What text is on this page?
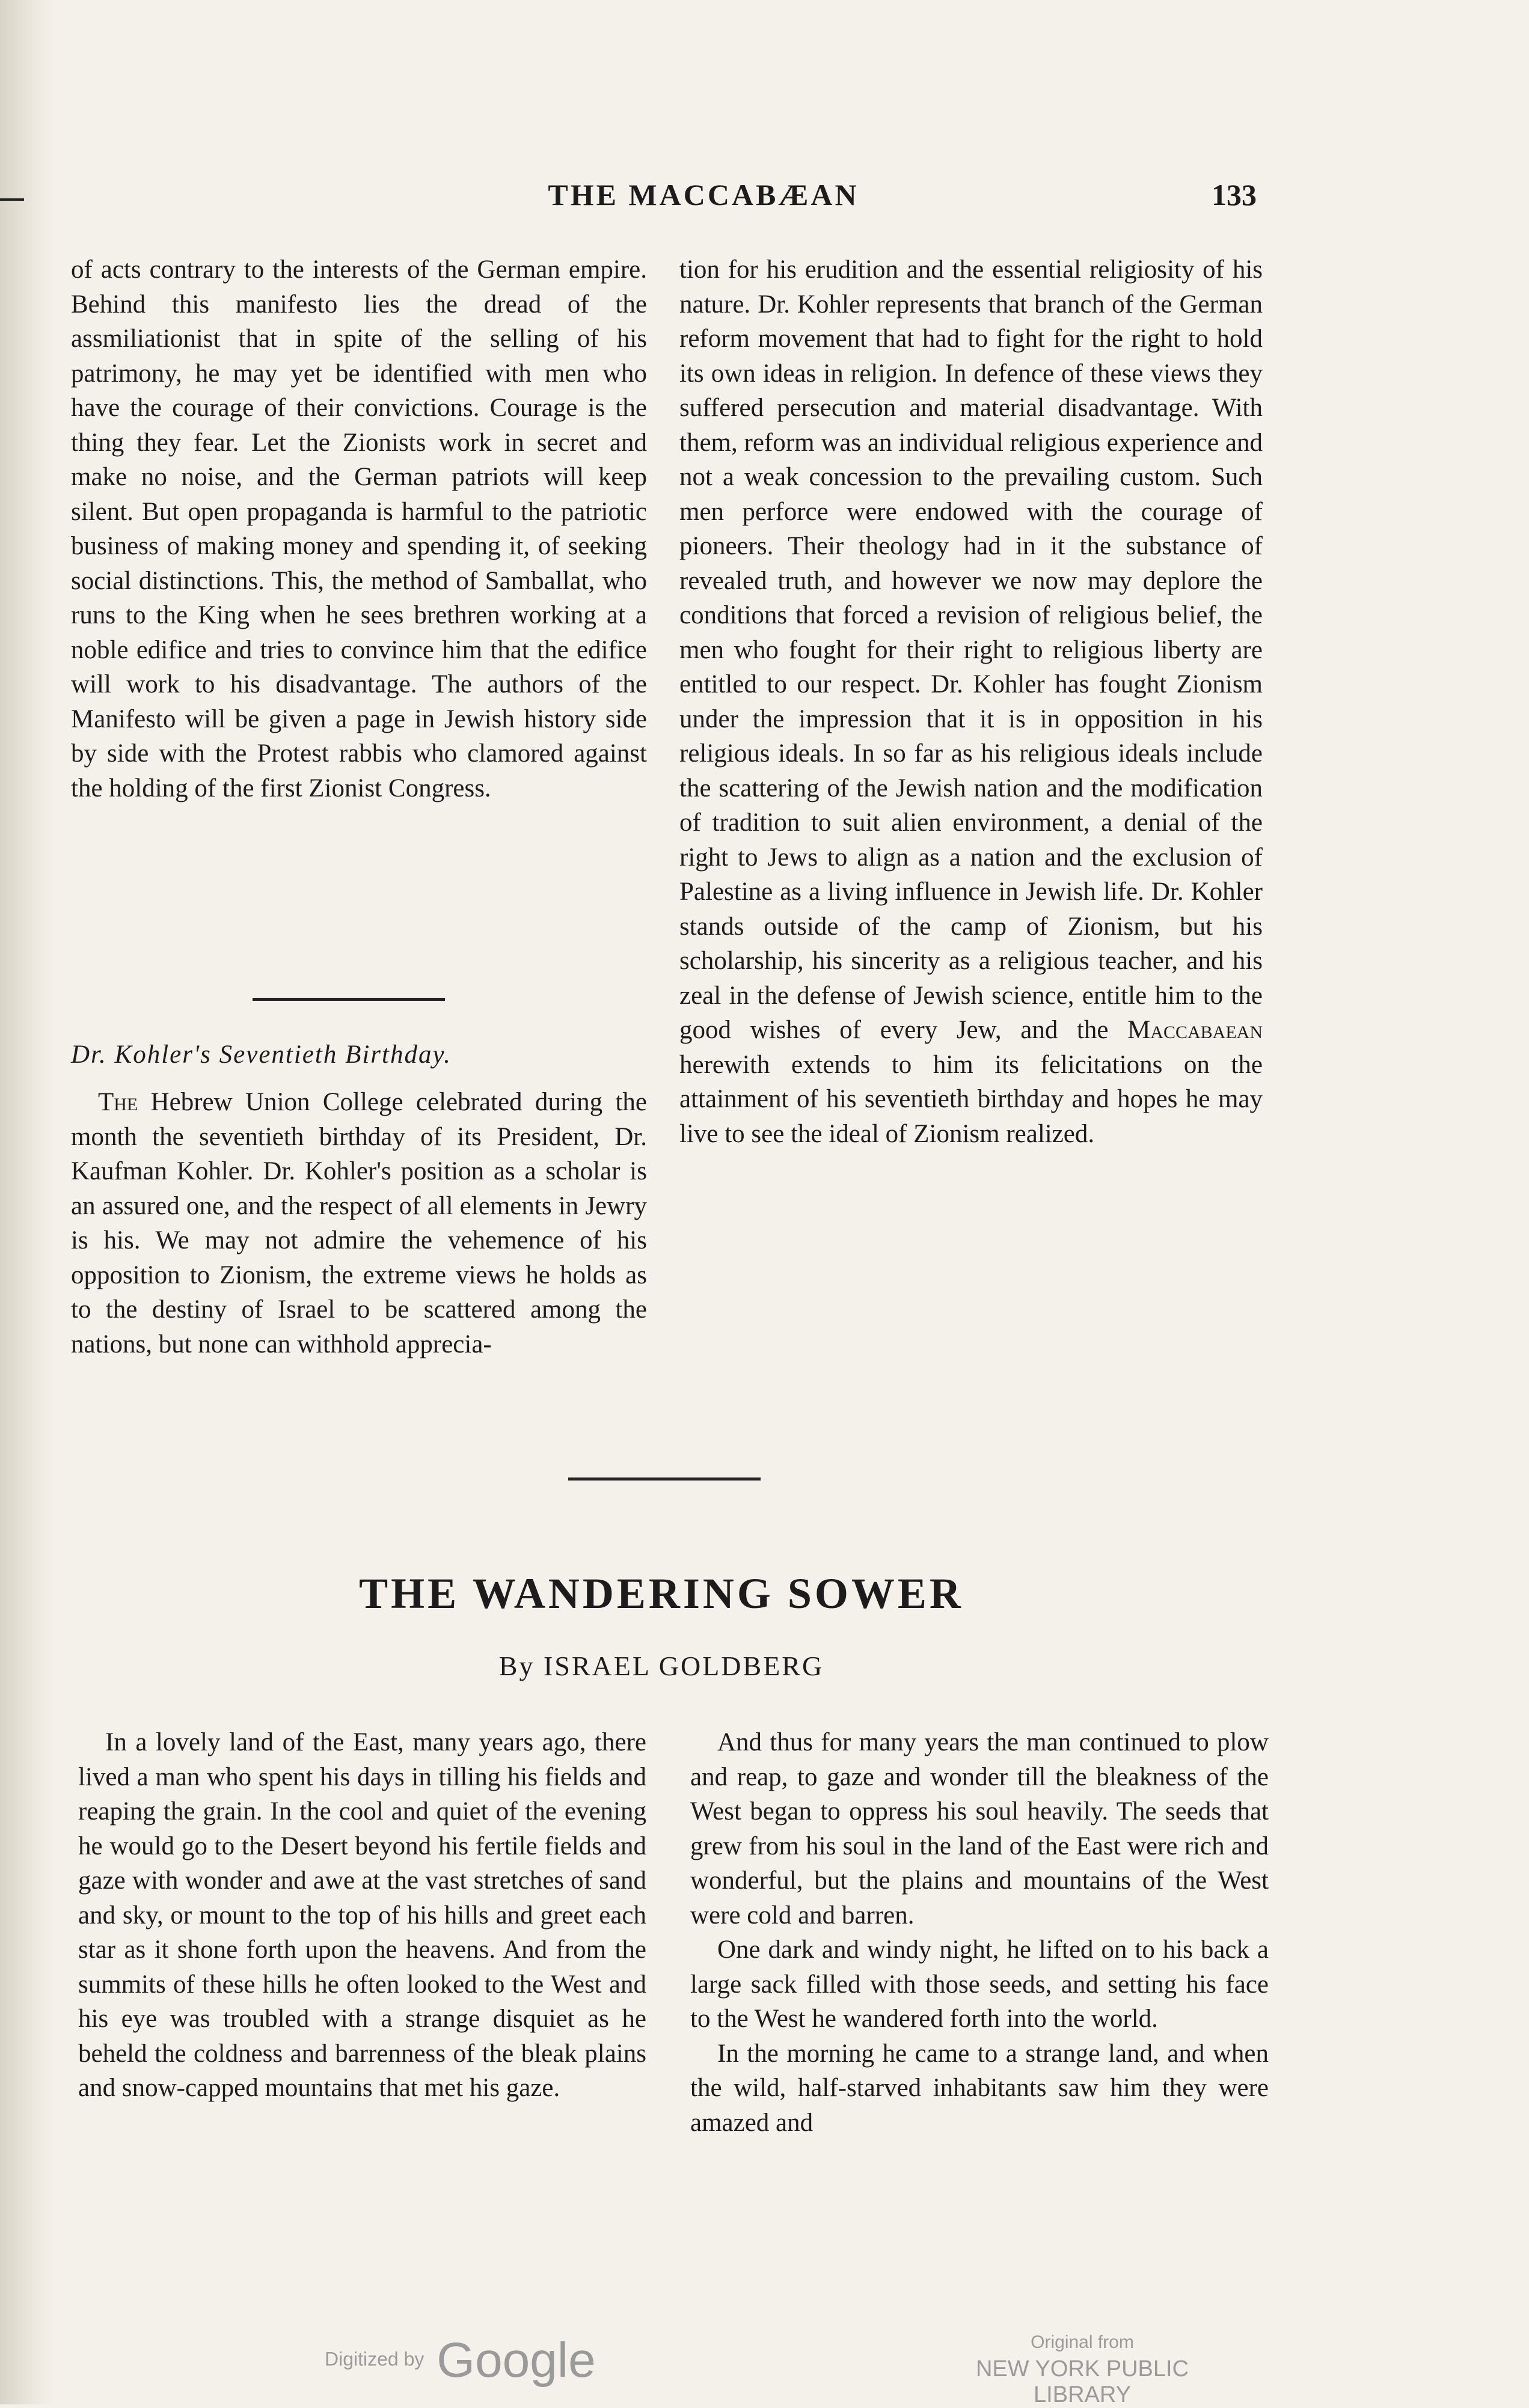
THE MACCABÆAN	133

of acts contrary to the interests of the German empire. Behind this manifesto lies the dread of the assmiliationist that in spite of the selling of his patrimony, he may yet be identified with men who have the courage of their convictions. Courage is the thing they fear. Let the Zionists work in secret and make no noise, and the German patriots will keep silent. But open propaganda is harmful to the patriotic business of making money and spending it, of seeking social distinctions. This, the method of Samballat, who runs to the King when he sees brethren working at a noble edifice and tries to convince him that the edifice will work to his disadvantage. The authors of the Manifesto will be given a page in Jewish history side by side with the Protest rabbis who clamored against the holding of the first Zionist Congress.

Dr. Kohler's Seventieth Birthday.

The Hebrew Union College celebrated during the month the seventieth birthday of its President, Dr. Kaufman Kohler. Dr. Kohler's position as a scholar is an assured one, and the respect of all elements in Jewry is his. We may not admire the vehemence of his opposition to Zionism, the extreme views he holds as to the destiny of Israel to be scattered among the nations, but none can withhold apprecia-

tion for his erudition and the essential religiosity of his nature. Dr. Kohler represents that branch of the German reform movement that had to fight for the right to hold its own ideas in religion. In defence of these views they suffered persecution and material disadvantage. With them, reform was an individual religious experience and not a weak concession to the prevailing custom. Such men perforce were endowed with the courage of pioneers. Their theology had in it the substance of revealed truth, and however we now may deplore the conditions that forced a revision of religious belief, the men who fought for their right to religious liberty are entitled to our respect. Dr. Kohler has fought Zionism under the impression that it is in opposition in his religious ideals. In so far as his religious ideals include the scattering of the Jewish nation and the modification of tradition to suit alien environment, a denial of the right to Jews to align as a nation and the exclusion of Palestine as a living influence in Jewish life. Dr. Kohler stands outside of the camp of Zionism, but his scholarship, his sincerity as a religious teacher, and his zeal in the defense of Jewish science, entitle him to the good wishes of every Jew, and the Maccabaean herewith extends to him its felicitations on the attainment of his seventieth birthday and hopes he may live to see the ideal of Zionism realized.

THE WANDERING SOWER
By ISRAEL GOLDBERG

In a lovely land of the East, many years ago, there lived a man who spent his days in tilling his fields and reaping the grain. In the cool and quiet of the evening he would go to the Desert beyond his fertile fields and gaze with wonder and awe at the vast stretches of sand and sky, or mount to the top of his hills and greet each star as it shone forth upon the heavens. And from the summits of these hills he often looked to the West and his eye was troubled with a strange disquiet as he beheld the coldness and barrenness of the bleak plains and snow-capped mountains that met his gaze.

And thus for many years the man continued to plow and reap, to gaze and wonder till the bleakness of the West began to oppress his soul heavily. The seeds that grew from his soul in the land of the East were rich and wonderful, but the plains and mountains of the West were cold and barren.

One dark and windy night, he lifted on to his back a large sack filled with those seeds, and setting his face to the West he wandered forth into the world.

In the morning he came to a strange land, and when the wild, half-starved inhabitants saw him they were amazed and

Digitized by Google	Original from
NEW YORK PUBLIC LIBRARY
